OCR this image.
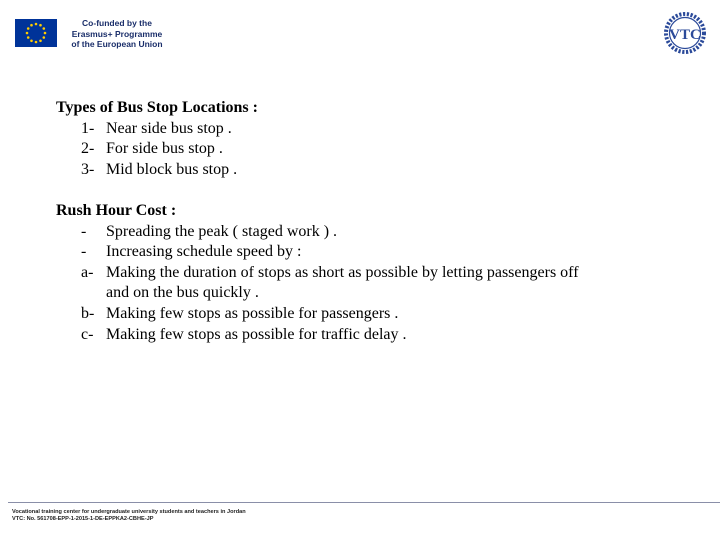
Co-funded by the
Erasmus+ Programme
of the European Union
VTC
Types of Bus Stop Locations :
1- Near side bus stop .
2- For side bus stop .
3- Mid block bus stop .
Rush Hour Cost :
- Spreading the peak ( staged work ) .
- Increasing schedule speed by :
a- Making the duration of stops as short as possible by letting passengers off
and on the bus quickly .
b- Making few stops as possible for passengers .
c- Making few stops as possible for traffic delay .
Vocational training center for undergraduate university students and teachers in Jordan
VTC: No. 561708-EPP-1-2015-1-DE-EPPKA2-CBHE-JP
